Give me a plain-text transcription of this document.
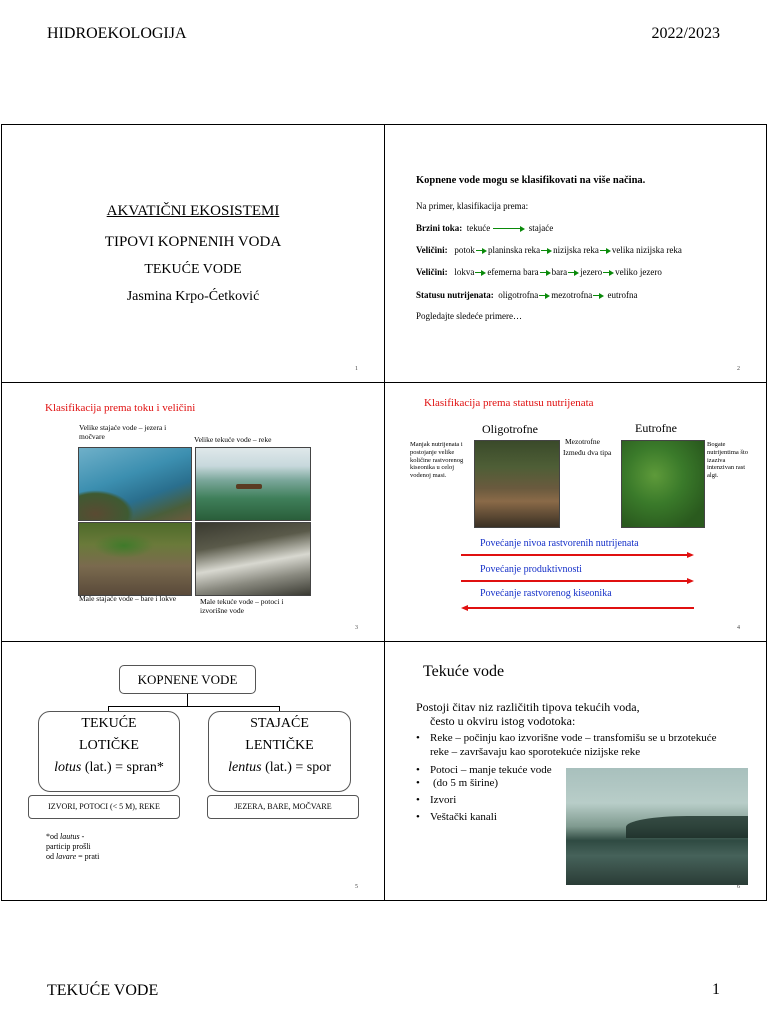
HIDROEKOLOGIJA	2022/2023
AKVATIČNI EKOSISTEMI
TIPOVI KOPNENIH VODA
TEKUĆE VODE
Jasmina Krpo-Ćetković
1
Kopnene vode mogu se klasifikovati na više načina.
Na primer, klasifikacija prema:
Brzini toka: tekuće	stajaće
Veličini: potok planinska reka nizijska reka velika nizijska reka
Veličini: lokva efemerna bara bara jezero veliko jezero
Statusu nutrijenata: oligotrofna mezotrofna eutrofna
Pogledajte sledeće primere…
2
Klasifikacija prema toku i veličini
Velike stajaće vode – jezera i močvare	Velike tekuće vode – reke
Male stajaće vode – bare i lokve	Male tekuće vode – potoci i izvorišne vode
3
Klasifikacija prema statusu nutrijenata
Oligotrofne	Eutrofne
Mezotrofne
Između dva tipa
Manjak nutrijenata i postojanje velike količine rastvorenog kiseonika u celoj vodenoj masi.
Bogate nutrijentima što izaziva intenzivan rast algi.
Povećanje nivoa rastvorenih nutrijenata
Povećanje produktivnosti
Povećanje rastvorenog kiseonika
4
KOPNENE VODE
TEKUĆE
LOTIČKE
lotus (lat.) = spran*
STAJAĆE
LENTIČKE
lentus (lat.) = spor
IZVORI, POTOCI (< 5 M), REKE	JEZERA, BARE, MOČVARE
*od lautus -
particip prošli
od lavare = prati
5
Tekuće vode
Postoji čitav niz različitih tipova tekućih voda,
često u okviru istog vodotoka:
• Reke – počinju kao izvorišne vode – transfomišu se u brzotekuće reke – završavaju kao sporotekuće nizijske reke
• Potoci – manje tekuće vode
• (do 5 m širine)
• Izvori
• Veštački kanali
6
TEKUĆE VODE	1
